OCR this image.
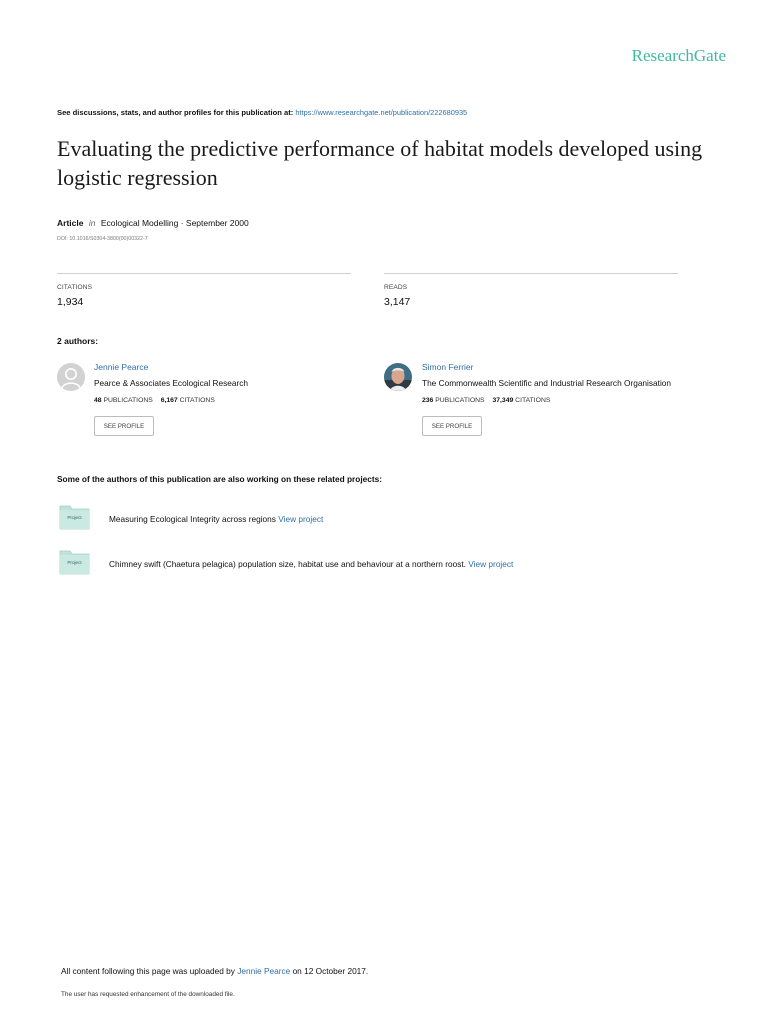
ResearchGate
See discussions, stats, and author profiles for this publication at: https://www.researchgate.net/publication/222680935
Evaluating the predictive performance of habitat models developed using logistic regression
Article in Ecological Modelling · September 2000
DOI: 10.1016/S0304-3800(00)00322-7
CITATIONS
1,934
READS
3,147
2 authors:
Jennie Pearce
Pearce & Associates Ecological Research
48 PUBLICATIONS 6,167 CITATIONS
SEE PROFILE
Simon Ferrier
The Commonwealth Scientific and Industrial Research Organisation
236 PUBLICATIONS 37,349 CITATIONS
SEE PROFILE
Some of the authors of this publication are also working on these related projects:
Project	Measuring Ecological Integrity across regions View project
Project	Chimney swift (Chaetura pelagica) population size, habitat use and behaviour at a northern roost. View project
All content following this page was uploaded by Jennie Pearce on 12 October 2017.
The user has requested enhancement of the downloaded file.
